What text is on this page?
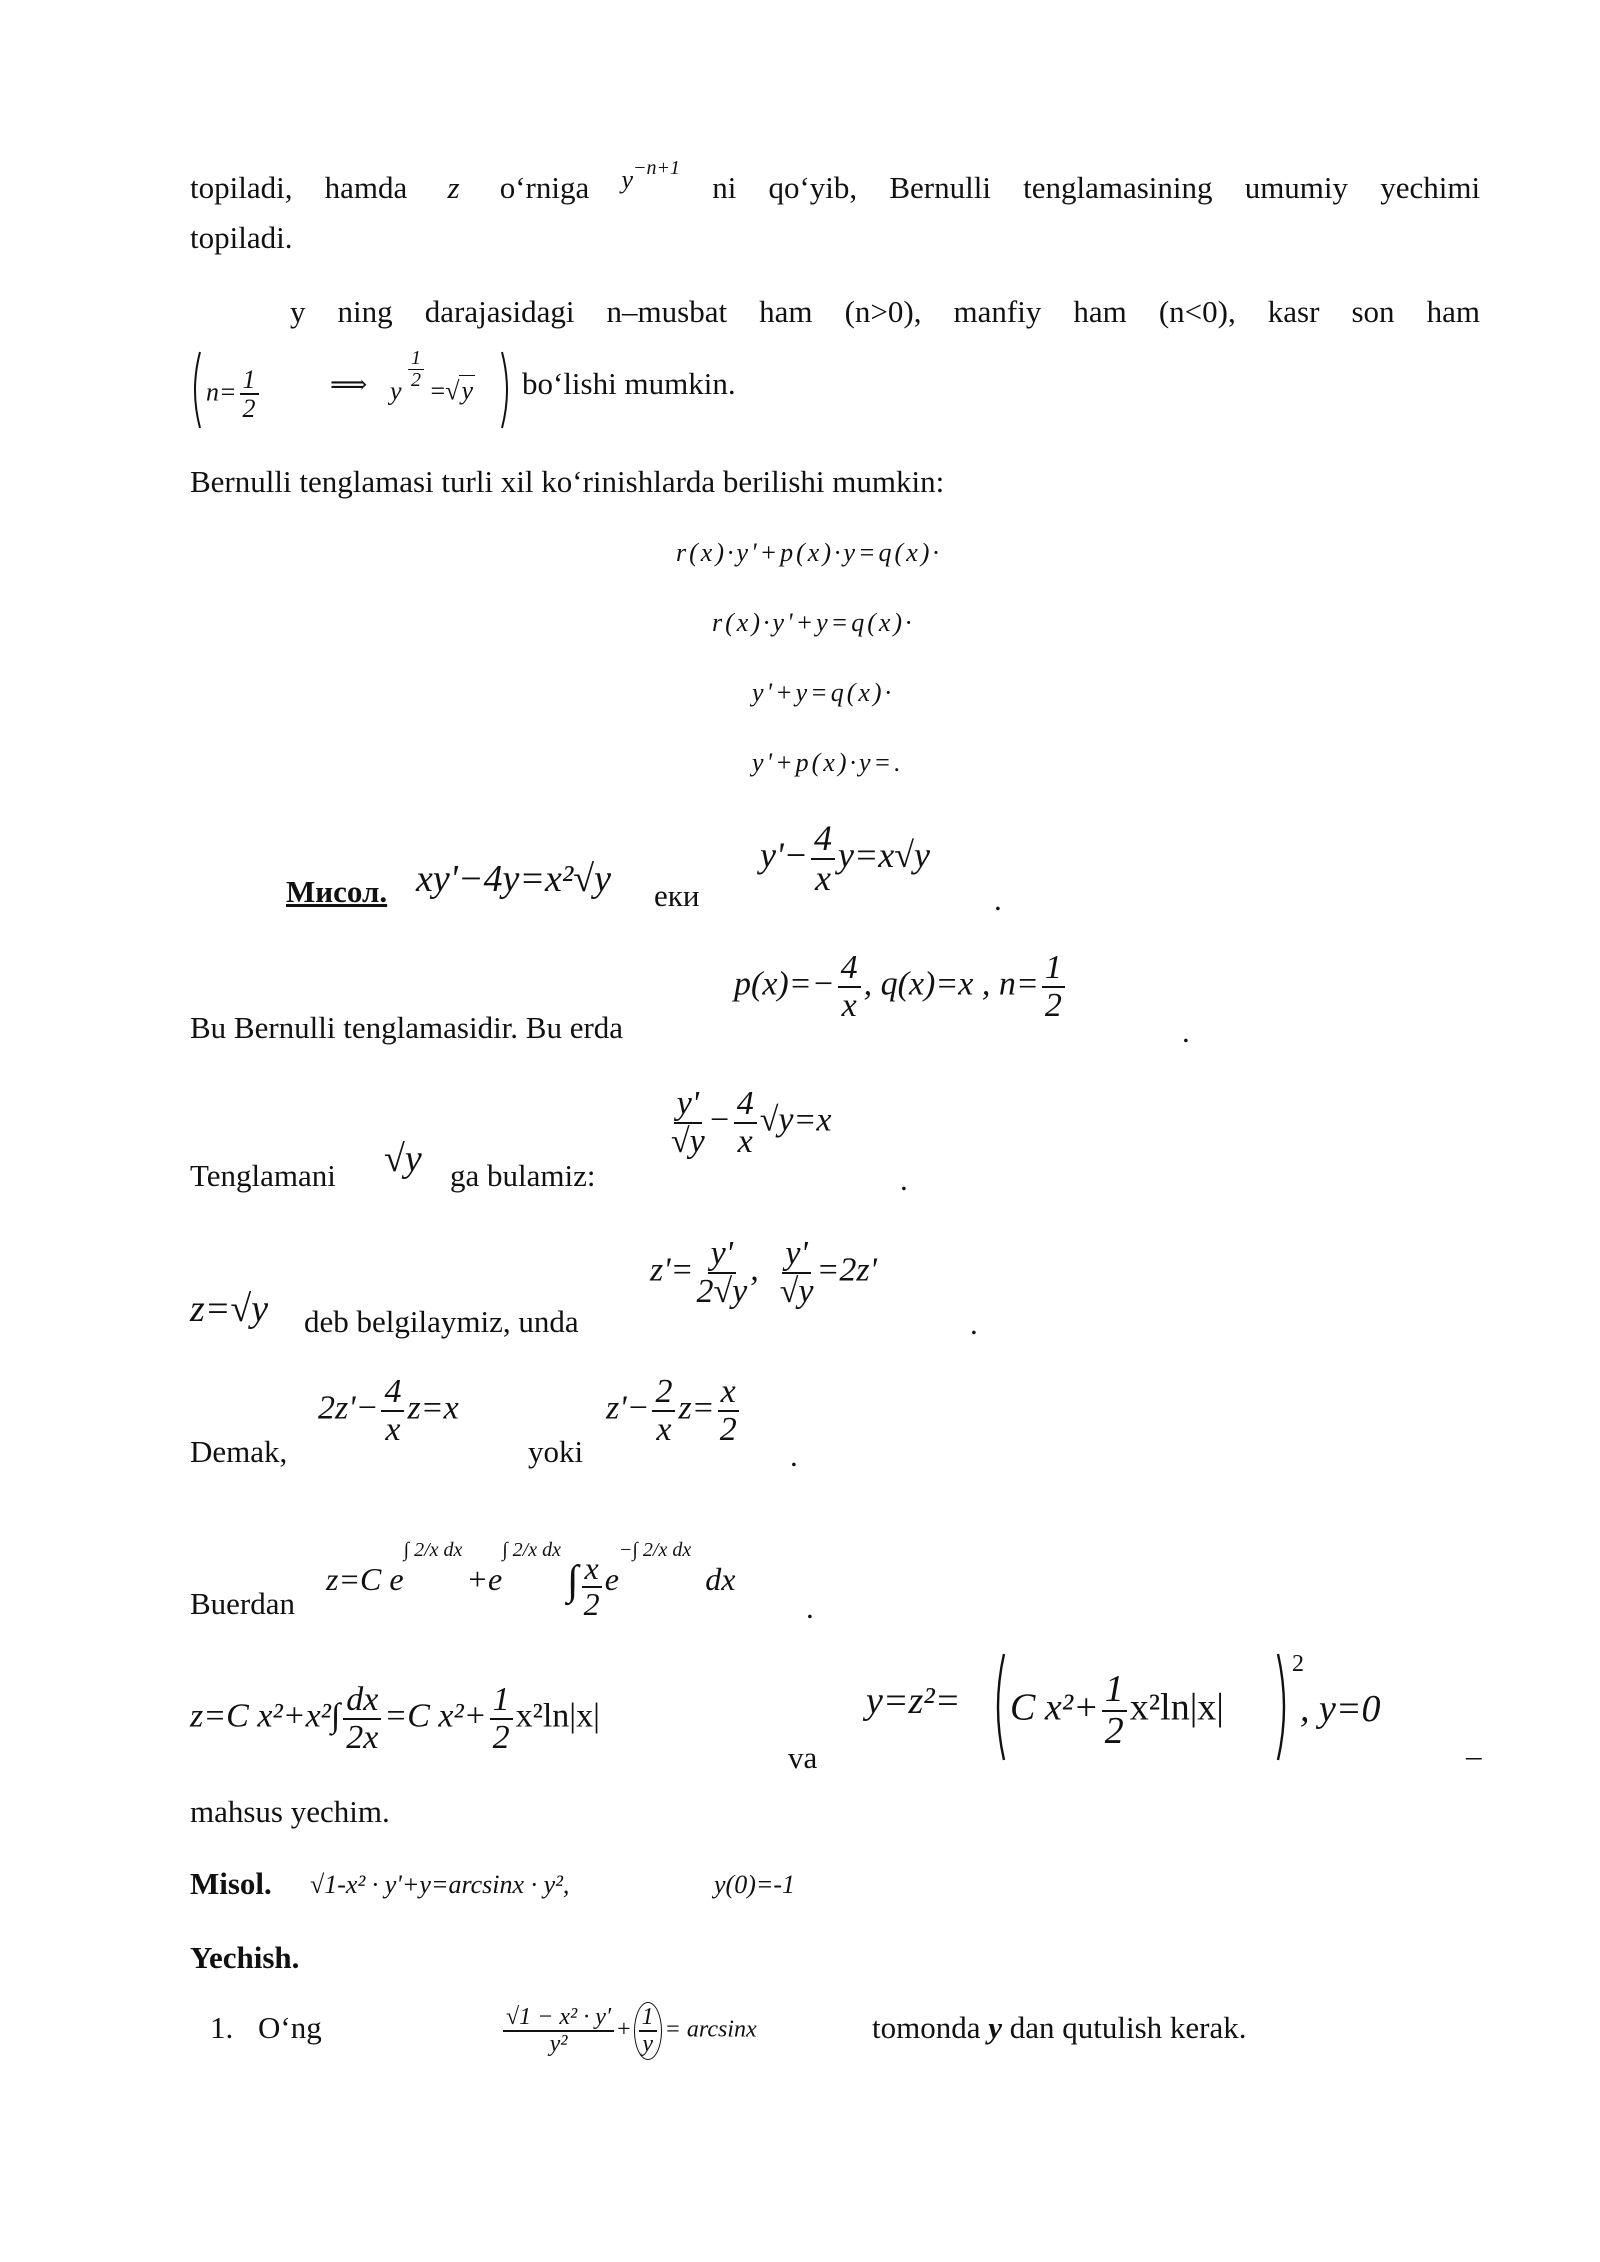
topiladi, hamda z o‘rniga $^{y-n+1}$ ni qo‘yib, Bernulli tenglamasining umumiy yechimi
topiladi.
y ning darajasidagi n–musbat ham (n>0), manfiy ham (n<0), kasr son ham
$n= \frac{1}{2}$	⟹ y $\frac{1}{2} =√y$ bo‘lishi mumkin.
Bernulli tenglamasi turli xil ko‘rinishlarda berilishi mumkin:
r(x)·y'+p(x)·y=q(x)·
r(x)·y'+y=q(x)·
y'+y=q(x)·
y'+p(x)·y=.
Мисол. xy'−4y=x²√y еки
$y'- \frac{4}{x} y=x√y$
.
Bu Bernulli tenglamasidir. Bu erda
$p(x)=- \frac{4}{x}$ , q(x)=x , $n= \frac{1}{2}$
.
Tenglamani √y ga bulamiz:
$\frac{y'}{√y} - \frac{4}{x} √y=x$
.
z=√y deb belgilaymiz, unda
$z'= \frac{y'}{2√y}$ , $\frac{y'}{√y} =2z'$
.
Demak,
$2z'- \frac{4}{x} z=x$
yoki
$z'- \frac{2}{x} z= \frac{x}{2}$
.
Buerdan
z=C $e_{\int 2/x dx}+e_{\int 2/x dx}\int \frac{x}{2} e_{-\int 2/x dx}dx$
.
z=C $x^2+x^2\int \frac{dx}{2x} =C$ $x^2+ \frac{1}{2} x^2\ln|x|$
va
y=z²= C $x^2+ \frac{1}{2} x^2\ln|x|$
2
, y=0
–
mahsus yechim.
Misol. √1-x² · y'+y=arcsinx · y²,	y(0)=-1
Yechish.
1. O‘ng	$\frac{\text{√1 − x² · y′}}{\text{y²}} + \frac{1}{y} = \arcsin x$	tomonda y dan qutulish kerak.
